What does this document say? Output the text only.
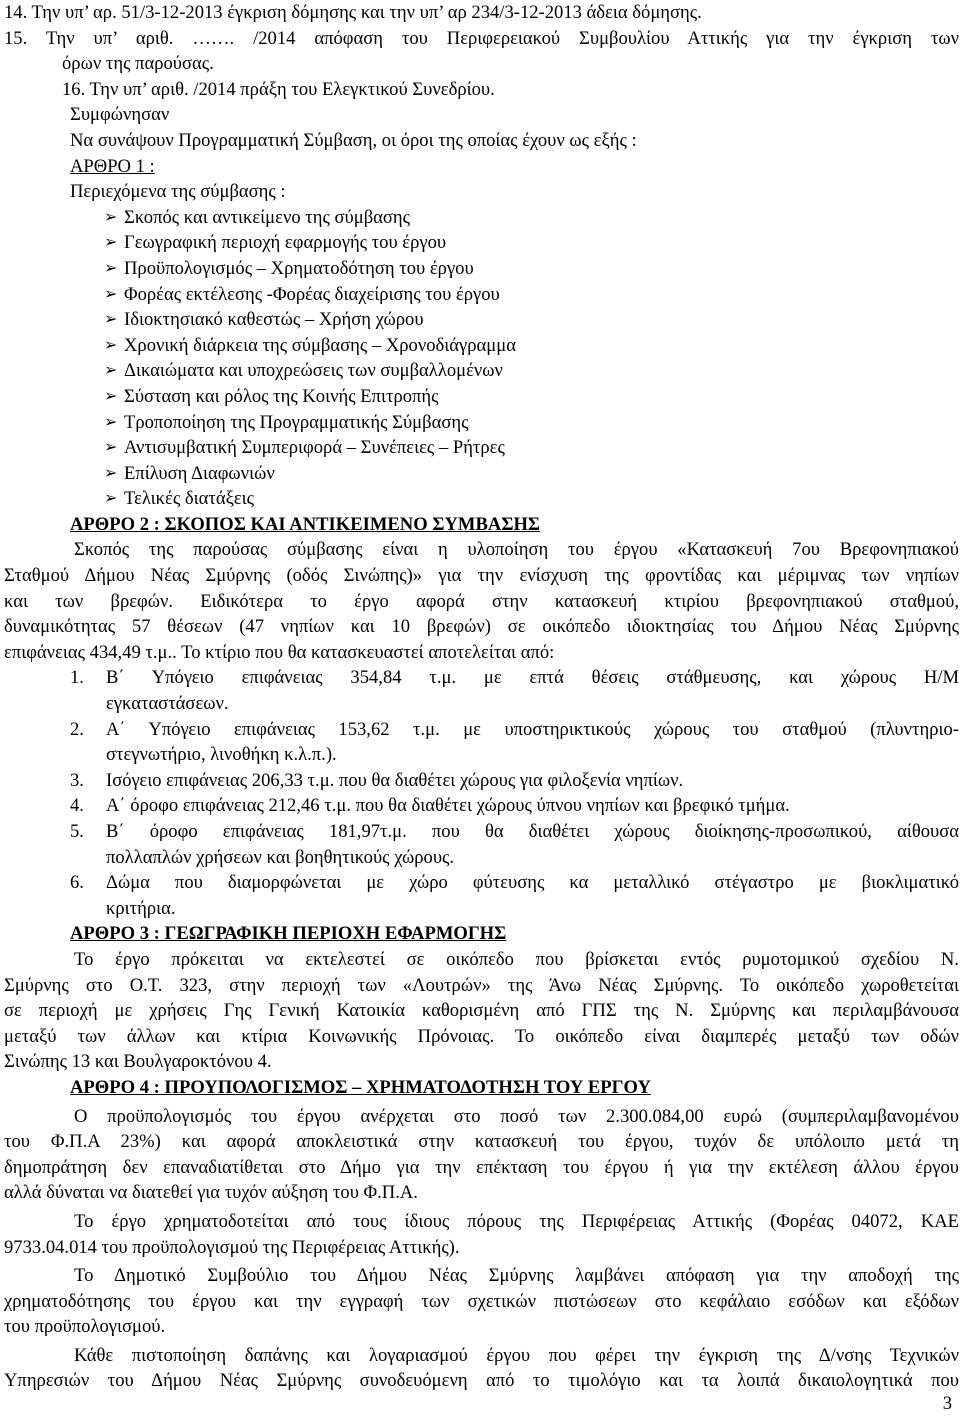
14. Την υπ’ αρ. 51/3-12-2013 έγκριση δόμησης και την υπ’ αρ 234/3-12-2013 άδεια δόμησης.
15. Την υπ’ αριθ. ……. /2014 απόφαση του Περιφερειακού Συμβουλίου Αττικής για την έγκριση των
όρων της παρούσας.
16. Την υπ’ αριθ. /2014 πράξη του Ελεγκτικού Συνεδρίου.
Συμφώνησαν
Να συνάψουν Προγραμματική Σύμβαση, οι όροι της οποίας έχουν ως εξής :
ΑΡΘΡΟ 1 :
Περιεχόμενα της σύμβασης :
➢ Σκοπός και αντικείμενο της σύμβασης
➢ Γεωγραφική περιοχή εφαρμογής του έργου
➢ Προϋπολογισμός – Χρηματοδότηση του έργου
➢ Φορέας εκτέλεσης -Φορέας διαχείρισης του έργου
➢ Ιδιοκτησιακό καθεστώς – Χρήση χώρου
➢ Χρονική διάρκεια της σύμβασης – Χρονοδιάγραμμα
➢ Δικαιώματα και υποχρεώσεις των συμβαλλομένων
➢ Σύσταση και ρόλος της Κοινής Επιτροπής
➢ Τροποποίηση της Προγραμματικής Σύμβασης
➢ Αντισυμβατική Συμπεριφορά – Συνέπειες – Ρήτρες
➢ Επίλυση Διαφωνιών
➢ Τελικές διατάξεις
ΑΡΘΡΟ 2 : ΣΚΟΠΟΣ ΚΑΙ ΑΝΤΙΚΕΙΜΕΝΟ ΣΥΜΒΑΣΗΣ
Σκοπός της παρούσας σύμβασης είναι η υλοποίηση του έργου «Κατασκευή 7ου Βρεφονηπιακού
Σταθμού Δήμου Νέας Σμύρνης (οδός Σινώπης)» για την ενίσχυση της φροντίδας και μέριμνας των νηπίων
και των βρεφών. Ειδικότερα το έργο αφορά στην κατασκευή κτιρίου βρεφονηπιακού σταθμού,
δυναμικότητας 57 θέσεων (47 νηπίων και 10 βρεφών) σε οικόπεδο ιδιοκτησίας του Δήμου Νέας Σμύρνης
επιφάνειας 434,49 τ.μ.. Το κτίριο που θα κατασκευαστεί αποτελείται από:
1. Β΄ Υπόγειο επιφάνειας 354,84 τ.μ. με επτά θέσεις στάθμευσης, και χώρους Η/Μ
εγκαταστάσεων.
2. Α΄ Υπόγειο επιφάνειας 153,62 τ.μ. με υποστηρικτικούς χώρους του σταθμού (πλυντηριο-
στεγνωτήριο, λινοθήκη κ.λ.π.).
3. Ισόγειο επιφάνειας 206,33 τ.μ. που θα διαθέτει χώρους για φιλοξενία νηπίων.
4. Α΄ όροφο επιφάνειας 212,46 τ.μ. που θα διαθέτει χώρους ύπνου νηπίων και βρεφικό τμήμα.
5. Β΄ όροφο επιφάνειας 181,97τ.μ. που θα διαθέτει χώρους διοίκησης-προσωπικού, αίθουσα
πολλαπλών χρήσεων και βοηθητικούς χώρους.
6. Δώμα που διαμορφώνεται με χώρο φύτευσης κα μεταλλικό στέγαστρο με βιοκλιματικό
κριτήρια.
ΑΡΘΡΟ 3 : ΓΕΩΓΡΑΦΙΚΗ ΠΕΡΙΟΧΗ ΕΦΑΡΜΟΓΗΣ
Το έργο πρόκειται να εκτελεστεί σε οικόπεδο που βρίσκεται εντός ρυμοτομικού σχεδίου Ν.
Σμύρνης στο Ο.Τ. 323, στην περιοχή των «Λουτρών» της Άνω Νέας Σμύρνης. Το οικόπεδο χωροθετείται
σε περιοχή με χρήσεις Γης Γενική Κατοικία καθορισμένη από ΓΠΣ της Ν. Σμύρνης και περιλαμβάνουσα
μεταξύ των άλλων και κτίρια Κοινωνικής Πρόνοιας. Το οικόπεδο είναι διαμπερές μεταξύ των οδών
Σινώπης 13 και Βουλγαροκτόνου 4.
ΑΡΘΡΟ 4 : ΠΡΟΥΠΟΛΟΓΙΣΜΟΣ – ΧΡΗΜΑΤΟΔΟΤΗΣΗ ΤΟΥ ΕΡΓΟΥ
Ο προϋπολογισμός του έργου ανέρχεται στο ποσό των 2.300.084,00 ευρώ (συμπεριλαμβανομένου
του Φ.Π.Α 23%) και αφορά αποκλειστικά στην κατασκευή του έργου, τυχόν δε υπόλοιπο μετά τη
δημοπράτηση δεν επαναδιατίθεται στο Δήμο για την επέκταση του έργου ή για την εκτέλεση άλλου έργου
αλλά δύναται να διατεθεί για τυχόν αύξηση του Φ.Π.Α.
Το έργο χρηματοδοτείται από τους ίδιους πόρους της Περιφέρειας Αττικής (Φορέας 04072, ΚΑΕ
9733.04.014 του προϋπολογισμού της Περιφέρειας Αττικής).
Το Δημοτικό Συμβούλιο του Δήμου Νέας Σμύρνης λαμβάνει απόφαση για την αποδοχή της
χρηματοδότησης του έργου και την εγγραφή των σχετικών πιστώσεων στο κεφάλαιο εσόδων και εξόδων
του προϋπολογισμού.
Κάθε πιστοποίηση δαπάνης και λογαριασμού έργου που φέρει την έγκριση της Δ/νσης Τεχνικών
Υπηρεσιών του Δήμου Νέας Σμύρνης συνοδευόμενη από το τιμολόγιο και τα λοιπά δικαιολογητικά που
3
